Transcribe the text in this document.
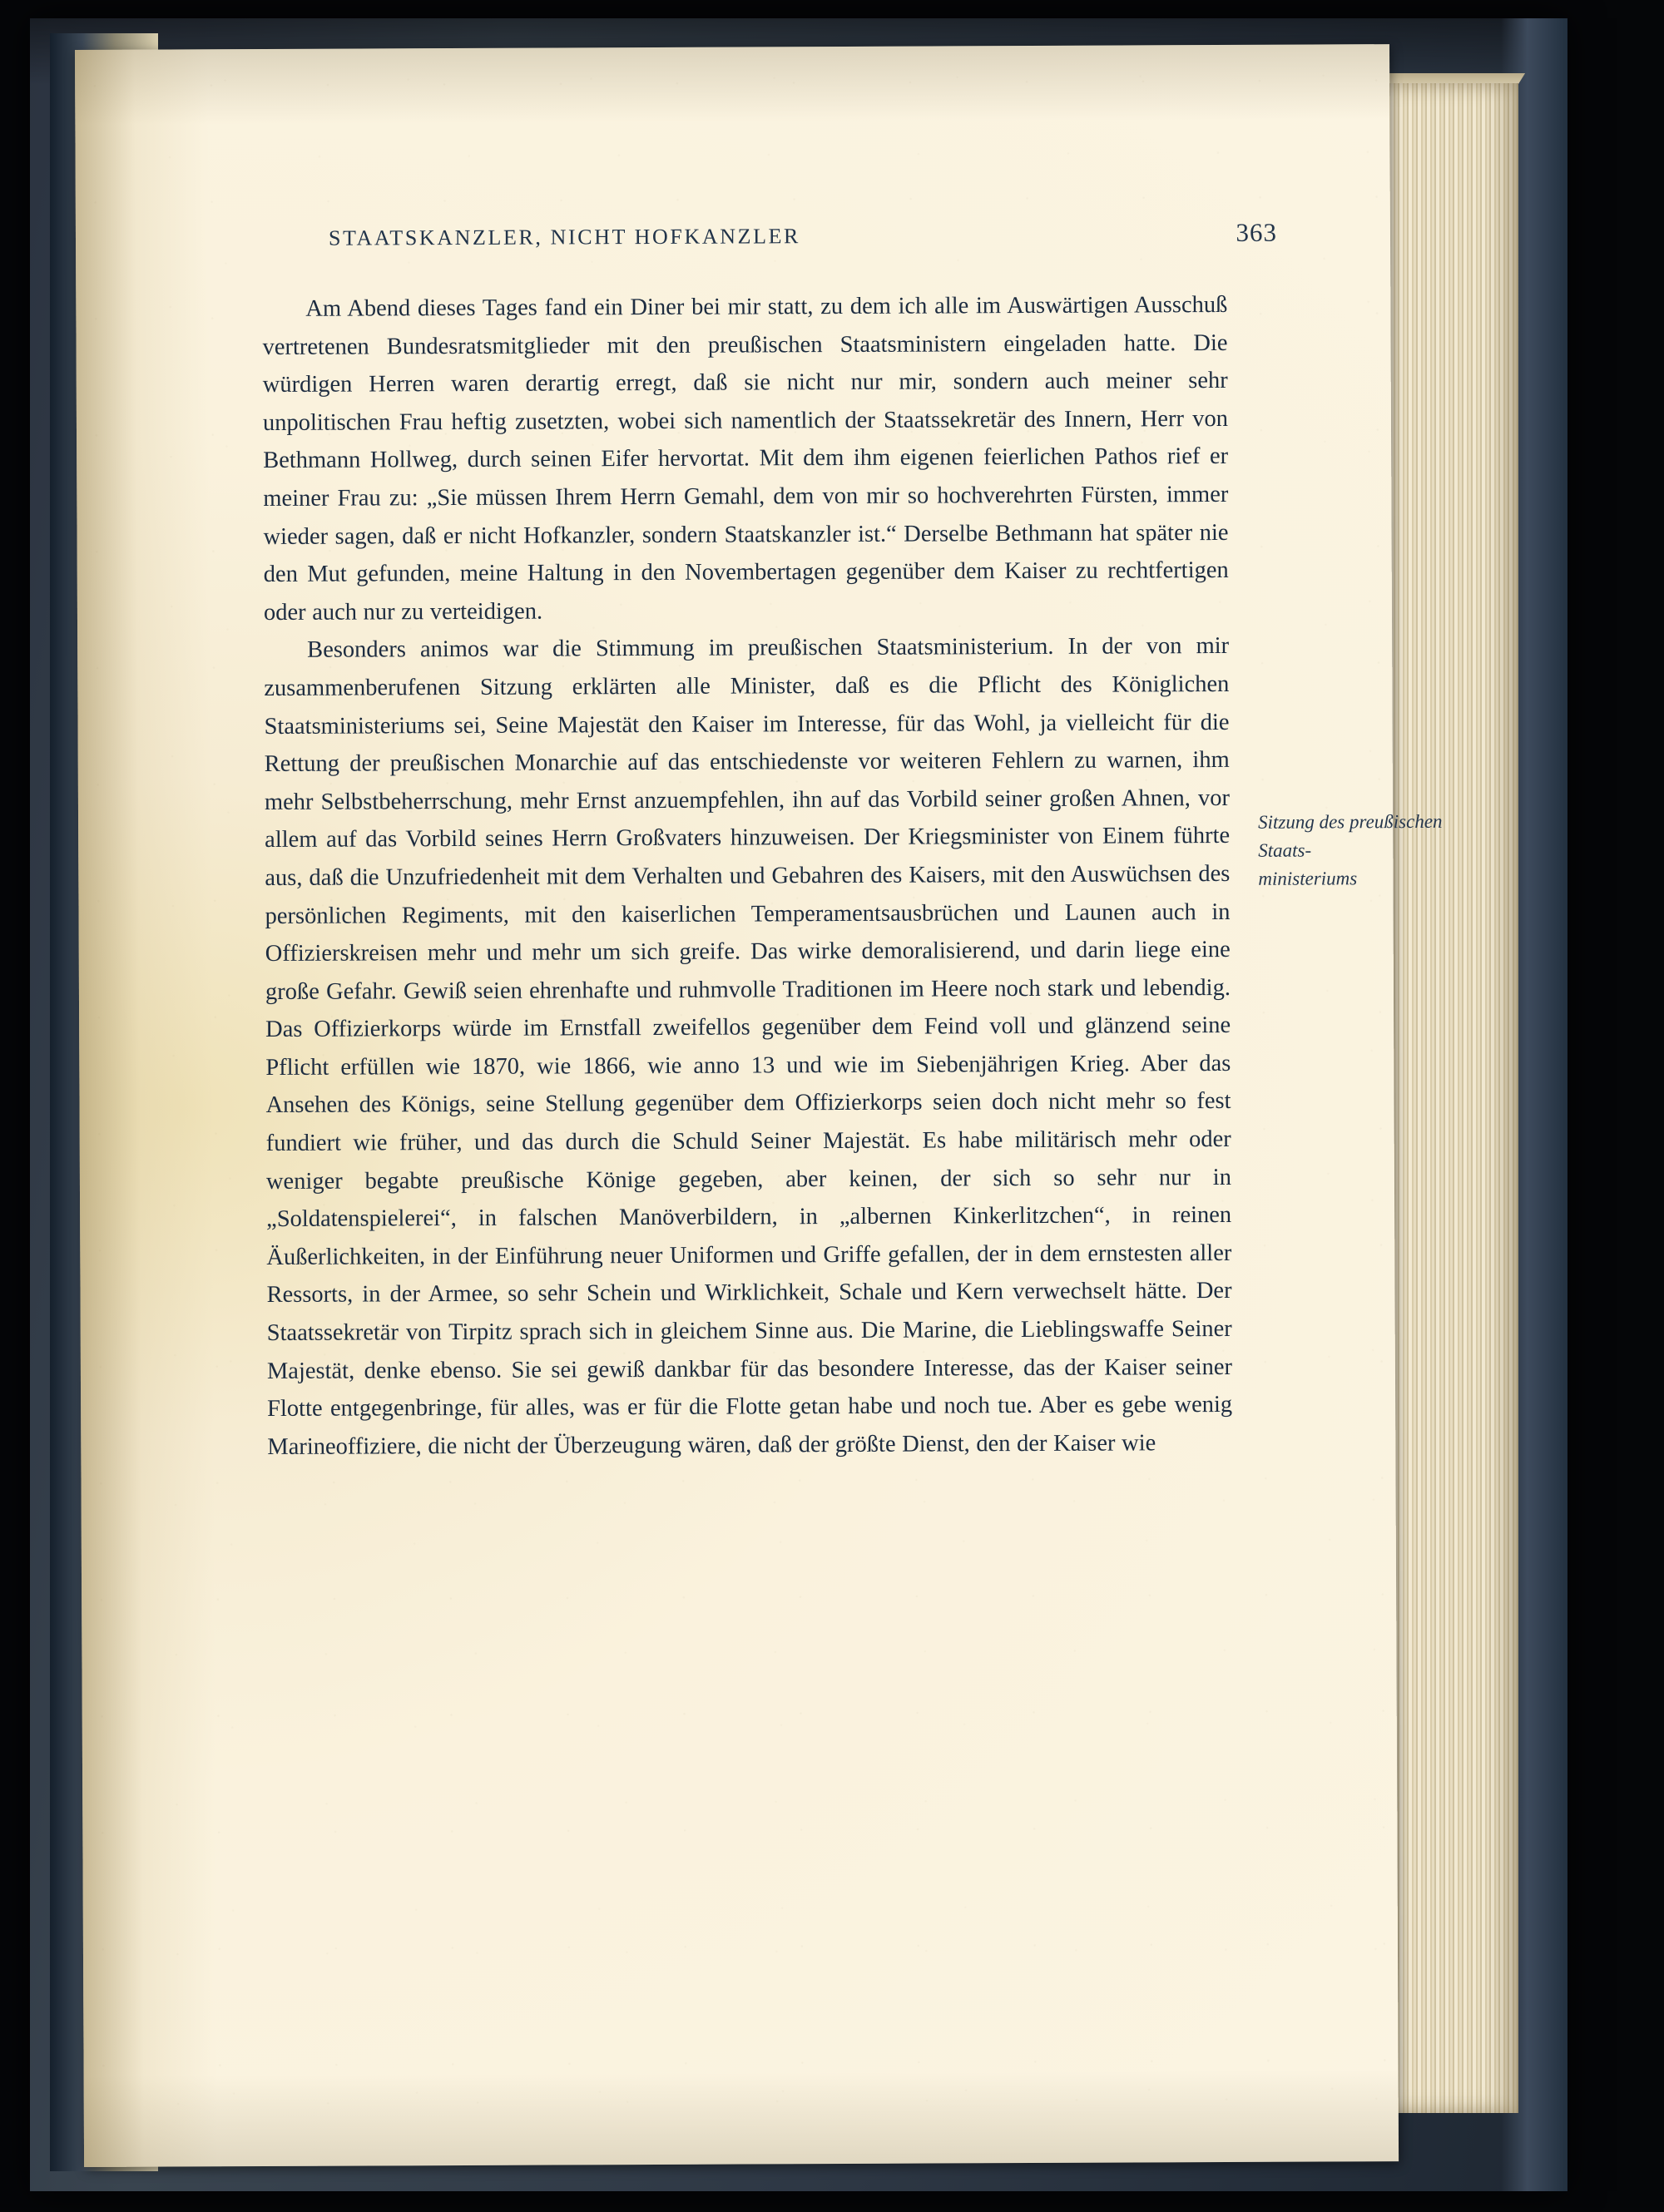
STAATSKANZLER, NICHT HOFKANZLER	363

Am Abend dieses Tages fand ein Diner bei mir statt, zu dem ich alle im Auswärtigen Ausschuß vertretenen Bundesratsmitglieder mit den preußischen Staatsministern eingeladen hatte. Die würdigen Herren waren derartig erregt, daß sie nicht nur mir, sondern auch meiner sehr unpolitischen Frau heftig zusetzten, wobei sich namentlich der Staatssekretär des Innern, Herr von Bethmann Hollweg, durch seinen Eifer hervortat. Mit dem ihm eigenen feierlichen Pathos rief er meiner Frau zu: „Sie müssen Ihrem Herrn Gemahl, dem von mir so hochverehrten Fürsten, immer wieder sagen, daß er nicht Hofkanzler, sondern Staatskanzler ist.“ Derselbe Bethmann hat später nie den Mut gefunden, meine Haltung in den Novembertagen gegenüber dem Kaiser zu rechtfertigen oder auch nur zu verteidigen.

Besonders animos war die Stimmung im preußischen Staatsministerium. In der von mir zusammenberufenen Sitzung erklärten alle Minister, daß es die Pflicht des Königlichen Staatsministeriums sei, Seine Majestät den Kaiser im Interesse, für das Wohl, ja vielleicht für die Rettung der preußischen Monarchie auf das entschiedenste vor weiteren Fehlern zu warnen, ihm mehr Selbstbeherrschung, mehr Ernst anzuempfehlen, ihn auf das Vorbild seiner großen Ahnen, vor allem auf das Vorbild seines Herrn Großvaters hinzuweisen. Der Kriegsminister von Einem führte aus, daß die Unzufriedenheit mit dem Verhalten und Gebahren des Kaisers, mit den Auswüchsen des persönlichen Regiments, mit den kaiserlichen Temperamentsausbrüchen und Launen auch in Offizierskreisen mehr und mehr um sich greife. Das wirke demoralisierend, und darin liege eine große Gefahr. Gewiß seien ehrenhafte und ruhmvolle Traditionen im Heere noch stark und lebendig. Das Offizierkorps würde im Ernstfall zweifellos gegenüber dem Feind voll und glänzend seine Pflicht erfüllen wie 1870, wie 1866, wie anno 13 und wie im Siebenjährigen Krieg. Aber das Ansehen des Königs, seine Stellung gegenüber dem Offizierkorps seien doch nicht mehr so fest fundiert wie früher, und das durch die Schuld Seiner Majestät. Es habe militärisch mehr oder weniger begabte preußische Könige gegeben, aber keinen, der sich so sehr nur in „Soldatenspielerei“, in falschen Manöverbildern, in „albernen Kinkerlitzchen“, in reinen Äußerlichkeiten, in der Einführung neuer Uniformen und Griffe gefallen, der in dem ernstesten aller Ressorts, in der Armee, so sehr Schein und Wirklichkeit, Schale und Kern verwechselt hätte. Der Staatssekretär von Tirpitz sprach sich in gleichem Sinne aus. Die Marine, die Lieblingswaffe Seiner Majestät, denke ebenso. Sie sei gewiß dankbar für das besondere Interesse, das der Kaiser seiner Flotte entgegenbringe, für alles, was er für die Flotte getan habe und noch tue. Aber es gebe wenig Marineoffiziere, die nicht der Überzeugung wären, daß der größte Dienst, den der Kaiser wie

Sitzung des preußischen Staats-
ministeriums
